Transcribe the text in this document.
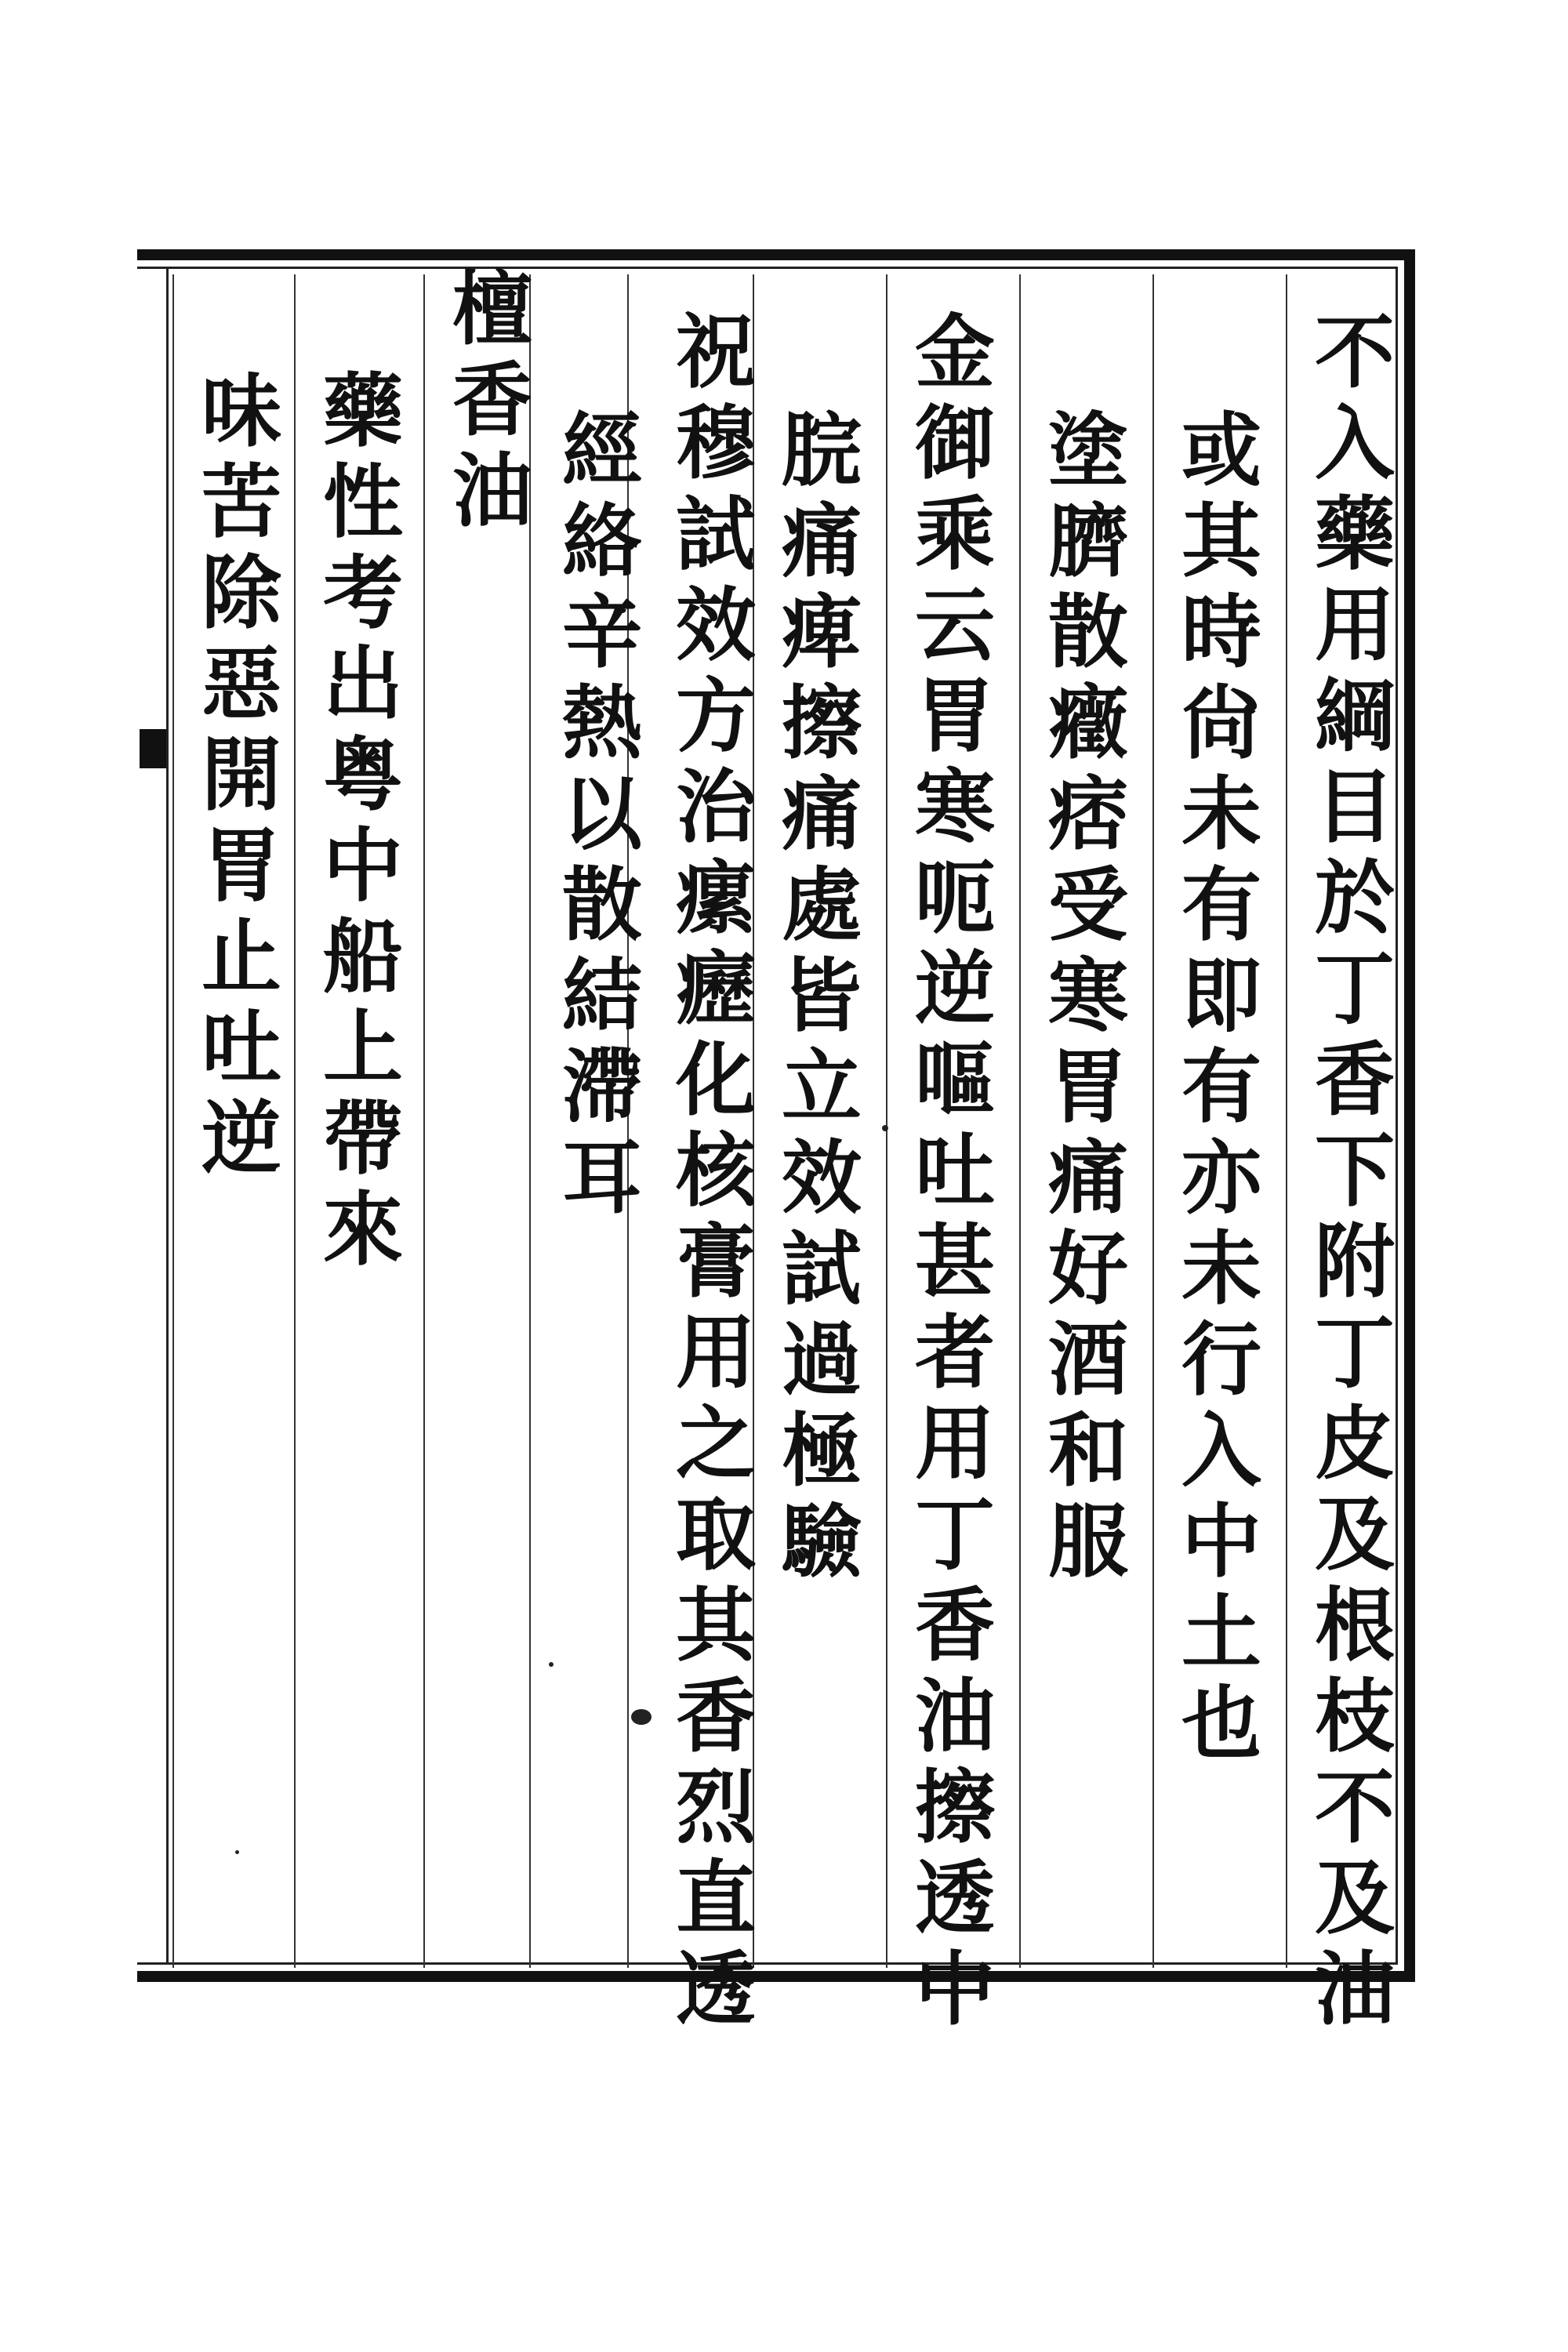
不入藥用綱目於丁香下附丁皮及根枝不及油
或其時尙未有即有亦未行入中土也
塗臍散癥痞受寒胃痛好酒和服
金御乘云胃寒呃逆嘔吐甚者用丁香油擦透中
脘痛痺擦痛處皆立效試過極驗
祝穆試效方治瘰癧化核膏用之取其香烈直透
經絡辛熱以散結滯耳
檀香油
藥性考出粤中船上帶來
味苦除惡開胃止吐逆
